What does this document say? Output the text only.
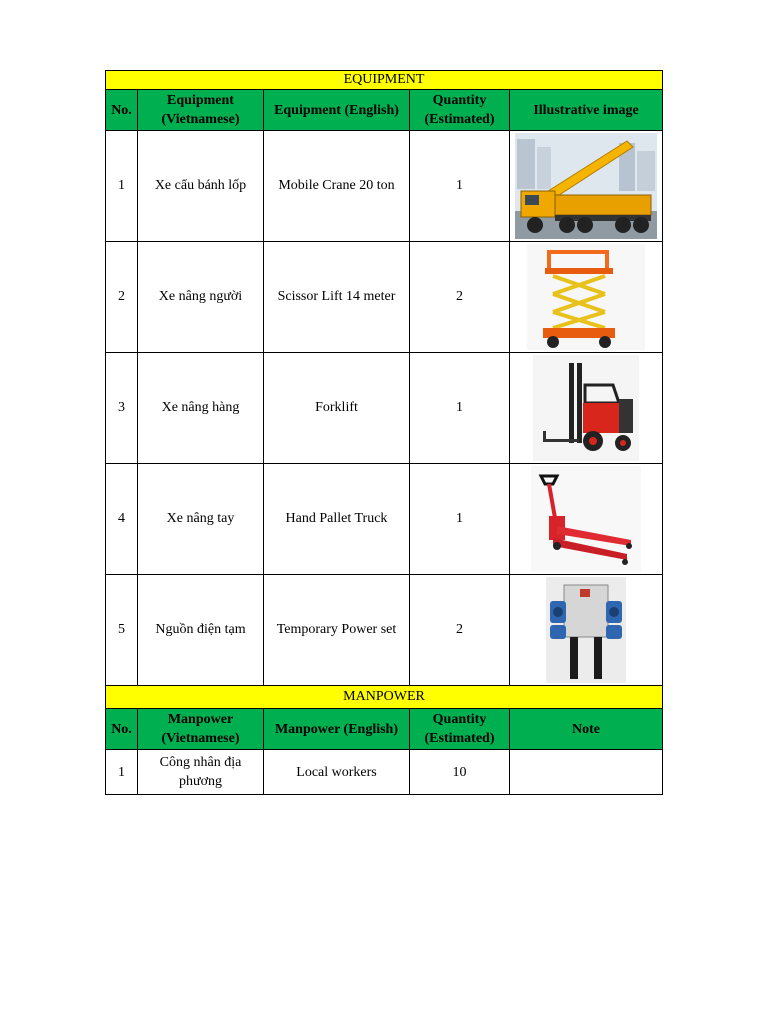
EQUIPMENT				
No.	Equipment (Vietnamese)	Equipment (English)	Quantity (Estimated)	Illustrative image
1	Xe cẩu bánh lốp	Mobile Crane 20 ton	1	

2	Xe nâng người	Scissor Lift 14 meter	2	

3	Xe nâng hàng	Forklift	1	

4	Xe nâng tay	Hand Pallet Truck	1	

5	Nguồn điện tạm	Temporary Power set	2	
MANPOWER				
No.	Manpower (Vietnamese)	Manpower (English)	Quantity (Estimated)	Note
1	Công nhân địa phương	Local workers	10	
